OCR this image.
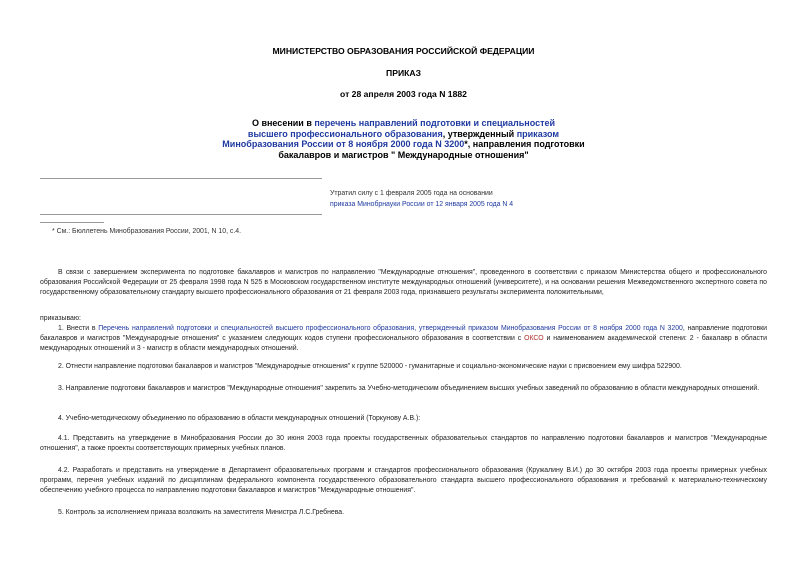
МИНИСТЕРСТВО ОБРАЗОВАНИЯ РОССИЙСКОЙ ФЕДЕРАЦИИ
ПРИКАЗ
от 28 апреля 2003 года N 1882
О внесении в перечень направлений подготовки и специальностей
высшего профессионального образования, утвержденный приказом
Минобразования России от 8 ноября 2000 года N 3200*, направления подготовки
бакалавров и магистров " Международные отношения"
Утратил силу с 1 февраля 2005 года на основании
приказа Минобрнауки России от 12 января 2005 года N 4
* См.: Бюллетень Минобразования России, 2001, N 10, с.4.
В связи с завершением эксперимента по подготовке бакалавров и магистров по направлению "Международные отношения", проведенного в соответствии с приказом Министерства общего и профессионального образования Российской Федерации от 25 февраля 1998 года N 525 в Московском государственном институте международных отношений (университете), и на основании решения Межведомственного экспертного совета по государственному образовательному стандарту высшего профессионального образования от 21 февраля 2003 года, признавшего результаты эксперимента положительными,
приказываю:
1. Внести в Перечень направлений подготовки и специальностей высшего профессионального образования, утвержденный приказом Минобразования России от 8 ноября 2000 года N 3200, направление подготовки бакалавров и магистров "Международные отношения" с указанием следующих кодов ступени профессионального образования в соответствии с ОКСО и наименованием академической степени: 2 - бакалавр в области международных отношений и 3 - магистр в области международных отношений.
2. Отнести направление подготовки бакалавров и магистров "Международные отношения" к группе 520000 - гуманитарные и социально-экономические науки с присвоением ему шифра 522900.
3. Направление подготовки бакалавров и магистров "Международные отношения" закрепить за Учебно-методическим объединением высших учебных заведений по образованию в области международных отношений.
4. Учебно-методическому объединению по образованию в области международных отношений (Торкунову А.В.):
4.1. Представить на утверждение в Минобразования России до 30 июня 2003 года проекты государственных образовательных стандартов по направлению подготовки бакалавров и магистров "Международные отношения", а также проекты соответствующих примерных учебных планов.
4.2. Разработать и представить на утверждение в Департамент образовательных программ и стандартов профессионального образования (Кружалину В.И.) до 30 октября 2003 года проекты примерных учебных программ, перечня учебных изданий по дисциплинам федерального компонента государственного образовательного стандарта высшего профессионального образования и требований к материально-техническому обеспечению учебного процесса по направлению подготовки бакалавров и магистров "Международные отношения".
5. Контроль за исполнением приказа возложить на заместителя Министра Л.С.Гребнева.
